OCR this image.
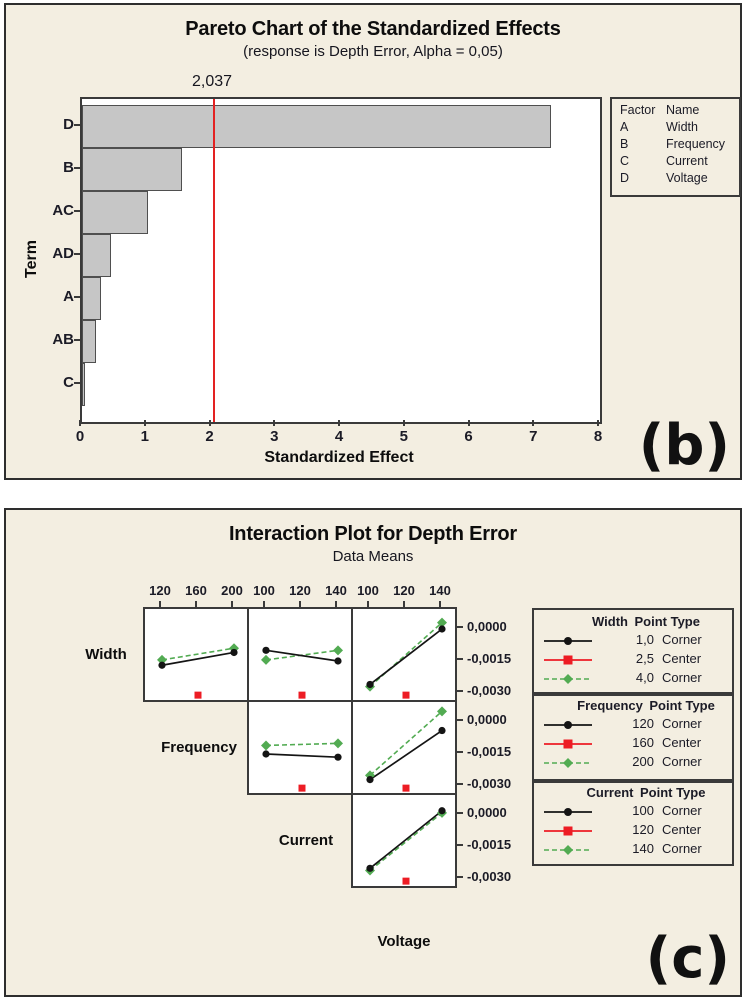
Pareto Chart of the Standardized Effects
(response is Depth Error, Alpha = 0,05)
2,037
Term
Standardized Effect
Factor Name
A	Width
B	Frequency
C	Current
D	Voltage
(b)
D
B
AC
AD
A
AB
C
0	1	2	3	4	5	6	7	8
Interaction Plot for Depth Error
Data Means
Width
Frequency
Current
Voltage
Width Point Type
1,0 Corner
2,5 Center
4,0 Corner
Frequency Point Type
120 Corner
160 Center
200 Corner
Current Point Type
100 Corner
120 Center
140 Corner
(c)
120	160	200 100	120	140 100	120	140
0,0000
-0,0015
-0,0030
0,0000
-0,0015
-0,0030
0,0000
-0,0015
-0,0030
